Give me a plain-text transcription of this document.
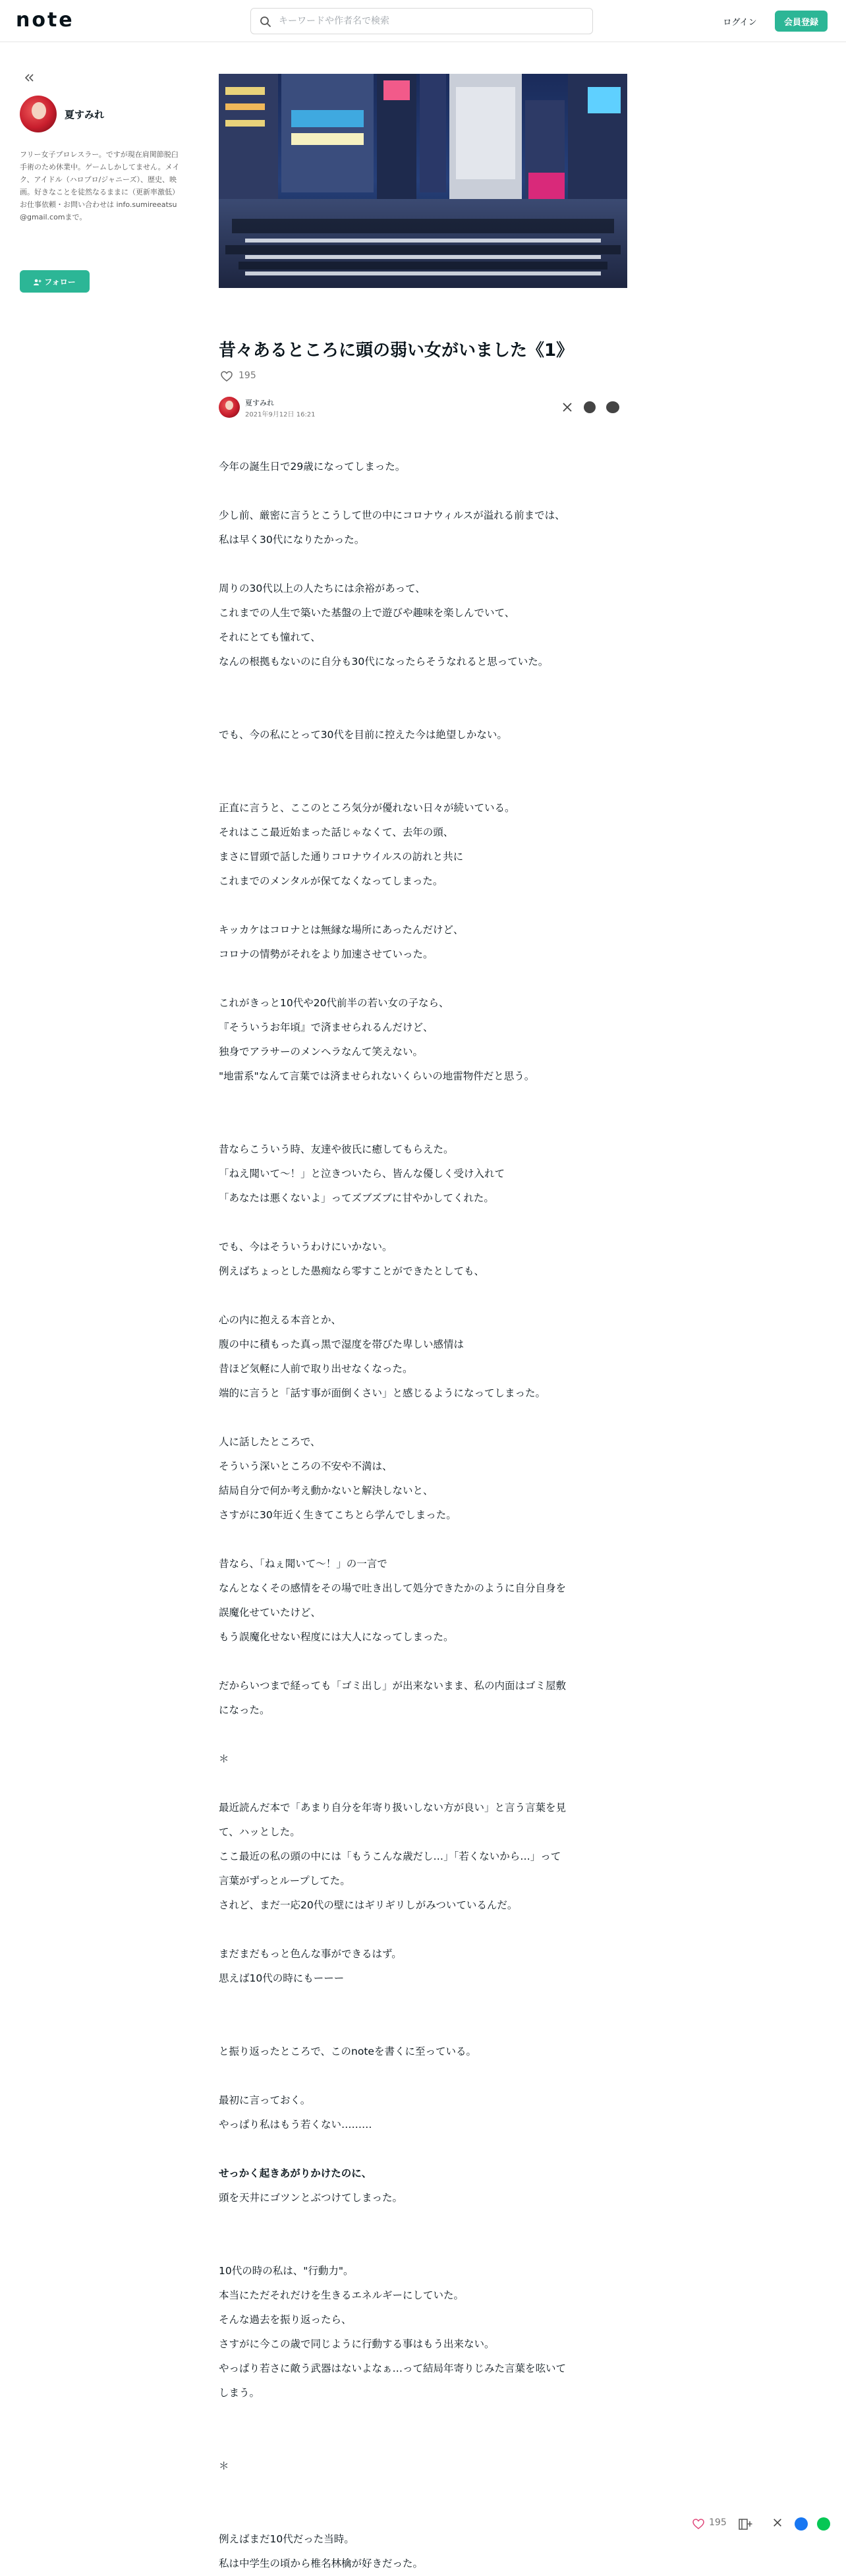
note
キーワードや作者名で検索	ログイン	会員登録
夏すみれ
フリー女子プロレスラー。ですが現在肩関節脱臼手術のため休業中。ゲームしかしてません。メイク、アイドル（ハロプロ/ジャニーズ）、歴史、映画。好きなことを徒然なるままに（更新率激低）お仕事依頼・お問い合わせは info.sumireeatsu@gmail.comまで。
フォロー
昔々あるところに頭の弱い女がいました《1》
195
夏すみれ
2021年9月12日 16:21

今年の誕生日で29歳になってしまった。

少し前、厳密に言うとこうして世の中にコロナウィルスが溢れる前までは、

私は早く30代になりたかった。

周りの30代以上の人たちには余裕があって、

これまでの人生で築いた基盤の上で遊びや趣味を楽しんでいて、

それにとても憧れて、

なんの根拠もないのに自分も30代になったらそうなれると思っていた。

でも、今の私にとって30代を目前に控えた今は絶望しかない。

正直に言うと、ここのところ気分が優れない日々が続いている。

それはここ最近始まった話じゃなくて、去年の頭、

まさに冒頭で話した通りコロナウイルスの訪れと共に

これまでのメンタルが保てなくなってしまった。

キッカケはコロナとは無縁な場所にあったんだけど、

コロナの情勢がそれをより加速させていった。

これがきっと10代や20代前半の若い女の子なら、

『そういうお年頃』で済ませられるんだけど、

独身でアラサーのメンヘラなんて笑えない。

"地雷系"なんて言葉では済ませられないくらいの地雷物件だと思う。

昔ならこういう時、友達や彼氏に癒してもらえた。

「ねえ聞いて〜！」と泣きついたら、皆んな優しく受け入れて

「あなたは悪くないよ」ってズブズブに甘やかしてくれた。

でも、今はそういうわけにいかない。

例えばちょっとした愚痴なら零すことができたとしても、

心の内に抱える本音とか、

腹の中に積もった真っ黒で湿度を帯びた卑しい感情は

昔ほど気軽に人前で取り出せなくなった。

端的に言うと「話す事が面倒くさい」と感じるようになってしまった。

人に話したところで、

そういう深いところの不安や不満は、

結局自分で何か考え動かないと解決しないと、

さすがに30年近く生きてこちとら学んでしまった。

昔なら、「ねぇ聞いて〜！」の一言で

なんとなくその感情をその場で吐き出して処分できたかのように自分自身を

誤魔化せていたけど、

もう誤魔化せない程度には大人になってしまった。

だからいつまで経っても「ゴミ出し」が出来ないまま、私の内面はゴミ屋敷

になった。

＊

最近読んだ本で「あまり自分を年寄り扱いしない方が良い」と言う言葉を見

て、ハッとした。

ここ最近の私の頭の中には「もうこんな歳だし…」「若くないから…」って

言葉がずっとループしてた。

されど、まだ一応20代の壁にはギリギリしがみついているんだ。

まだまだもっと色んな事ができるはず。

思えば10代の時にもーーー

と振り返ったところで、このnoteを書くに至っている。

最初に言っておく。

やっぱり私はもう若くない………

せっかく起きあがりかけたのに、

頭を天井にゴツンとぶつけてしまった。

10代の時の私は、"行動力"。

本当にただそれだけを生きるエネルギーにしていた。

そんな過去を振り返ったら、

さすがに今この歳で同じように行動する事はもう出来ない。

やっぱり若さに敵う武器はないよなぁ…って結局年寄りじみた言葉を呟いて

しまう。

＊

例えばまだ10代だった当時。

私は中学生の頃から椎名林檎が好きだった。

195
